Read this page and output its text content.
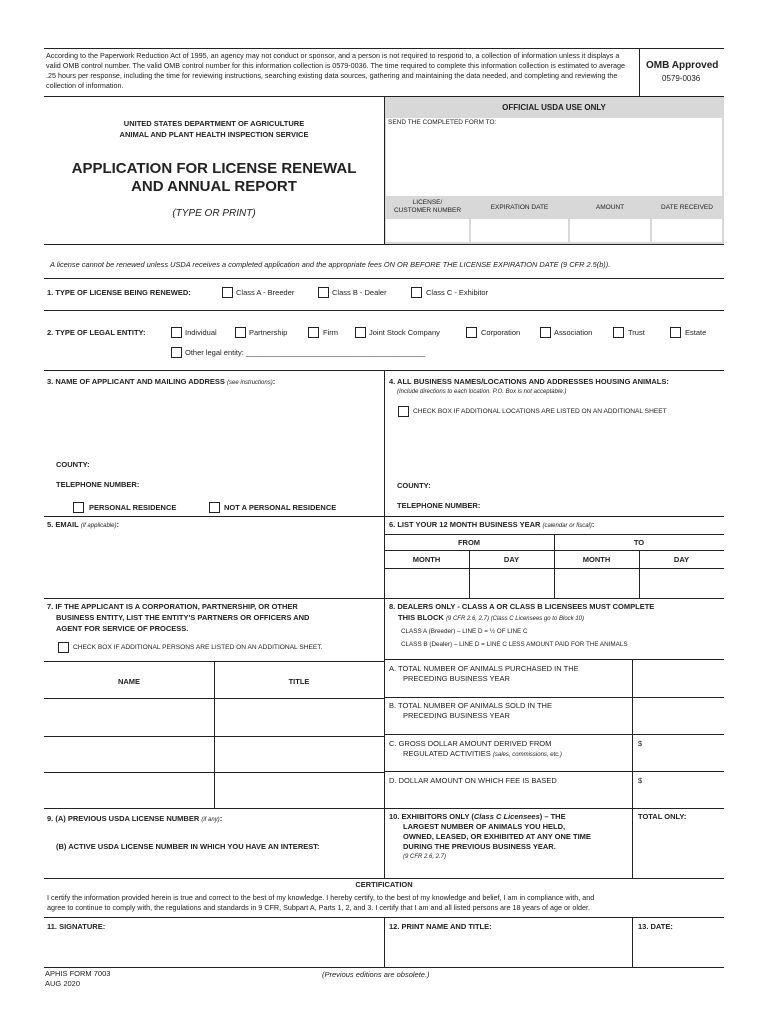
According to the Paperwork Reduction Act of 1995, an agency may not conduct or sponsor, and a person is not required to respond to, a collection of information unless it displays a valid OMB control number. The valid OMB control number for this information collection is 0579-0036. The time required to complete this information collection is estimated to average .25 hours per response, including the time for reviewing instructions, searching existing data sources, gathering and maintaining the data needed, and completing and reviewing the collection of information.
OMB Approved
0579-0036
OFFICIAL USDA USE ONLY
SEND THE COMPLETED FORM TO:
LICENSE/
CUSTOMER NUMBER	EXPIRATION DATE	AMOUNT	DATE RECEIVED
UNITED STATES DEPARTMENT OF AGRICULTURE
ANIMAL AND PLANT HEALTH INSPECTION SERVICE
APPLICATION FOR LICENSE RENEWAL
AND ANNUAL REPORT
(TYPE OR PRINT)
A license cannot be renewed unless USDA receives a completed application and the appropriate fees ON OR BEFORE THE LICENSE EXPIRATION DATE (9 CFR 2.5(b)).
1. TYPE OF LICENSE BEING RENEWED:	Class A - Breeder	Class B - Dealer	Class C - Exhibitor
2. TYPE OF LEGAL ENTITY:	Individual	Partnership	Firm	Joint Stock Company	Corporation	Association	Trust	Estate
Other legal entity: ___________________________________________
3. NAME OF APPLICANT AND MAILING ADDRESS (see instructions):
COUNTY:
TELEPHONE NUMBER:
PERSONAL RESIDENCE	NOT A PERSONAL RESIDENCE
4. ALL BUSINESS NAMES/LOCATIONS AND ADDRESSES HOUSING ANIMALS:
(Include directions to each location. P.O. Box is not acceptable.)
CHECK BOX IF ADDITIONAL LOCATIONS ARE LISTED ON AN ADDITIONAL SHEET
COUNTY:
TELEPHONE NUMBER:
5. EMAIL (if applicable):	6. LIST YOUR 12 MONTH BUSINESS YEAR (calendar or fiscal):
FROM	TO
MONTH	DAY	MONTH	DAY
7. IF THE APPLICANT IS A CORPORATION, PARTNERSHIP, OR OTHER
BUSINESS ENTITY, LIST THE ENTITY'S PARTNERS OR OFFICERS AND
AGENT FOR SERVICE OF PROCESS.
CHECK BOX IF ADDITIONAL PERSONS ARE LISTED ON AN ADDITIONAL SHEET.
NAME	TITLE
8. DEALERS ONLY - CLASS A OR CLASS B LICENSEES MUST COMPLETE
THIS BLOCK (9 CFR 2.6, 2.7) (Class C Licensees go to Block 10)
CLASS A (Breeder) – LINE D = ½ OF LINE C
CLASS B (Dealer) – LINE D = LINE C LESS AMOUNT PAID FOR THE ANIMALS
A. TOTAL NUMBER OF ANIMALS PURCHASED IN THE
PRECEDING BUSINESS YEAR
B. TOTAL NUMBER OF ANIMALS SOLD IN THE
PRECEDING BUSINESS YEAR
C. GROSS DOLLAR AMOUNT DERIVED FROM
REGULATED ACTIVITIES (sales, commissions, etc.)
$
D. DOLLAR AMOUNT ON WHICH FEE IS BASED	$
9. (A) PREVIOUS USDA LICENSE NUMBER (if any):
(B) ACTIVE USDA LICENSE NUMBER IN WHICH YOU HAVE AN INTEREST:
10. EXHIBITORS ONLY (Class C Licensees) – THE
LARGEST NUMBER OF ANIMALS YOU HELD,
OWNED, LEASED, OR EXHIBITED AT ANY ONE TIME
DURING THE PREVIOUS BUSINESS YEAR.
(9 CFR 2.6, 2.7)
TOTAL ONLY:
CERTIFICATION
I certify the information provided herein is true and correct to the best of my knowledge. I hereby certify, to the best of my knowledge and belief, I am in compliance with, and
agree to continue to comply with, the regulations and standards in 9 CFR, Subpart A, Parts 1, 2, and 3. I certify that I am and all listed persons are 18 years of age or older.
11. SIGNATURE:	12. PRINT NAME AND TITLE:	13. DATE:
APHIS FORM 7003
AUG 2020
(Previous editions are obsolete.)
